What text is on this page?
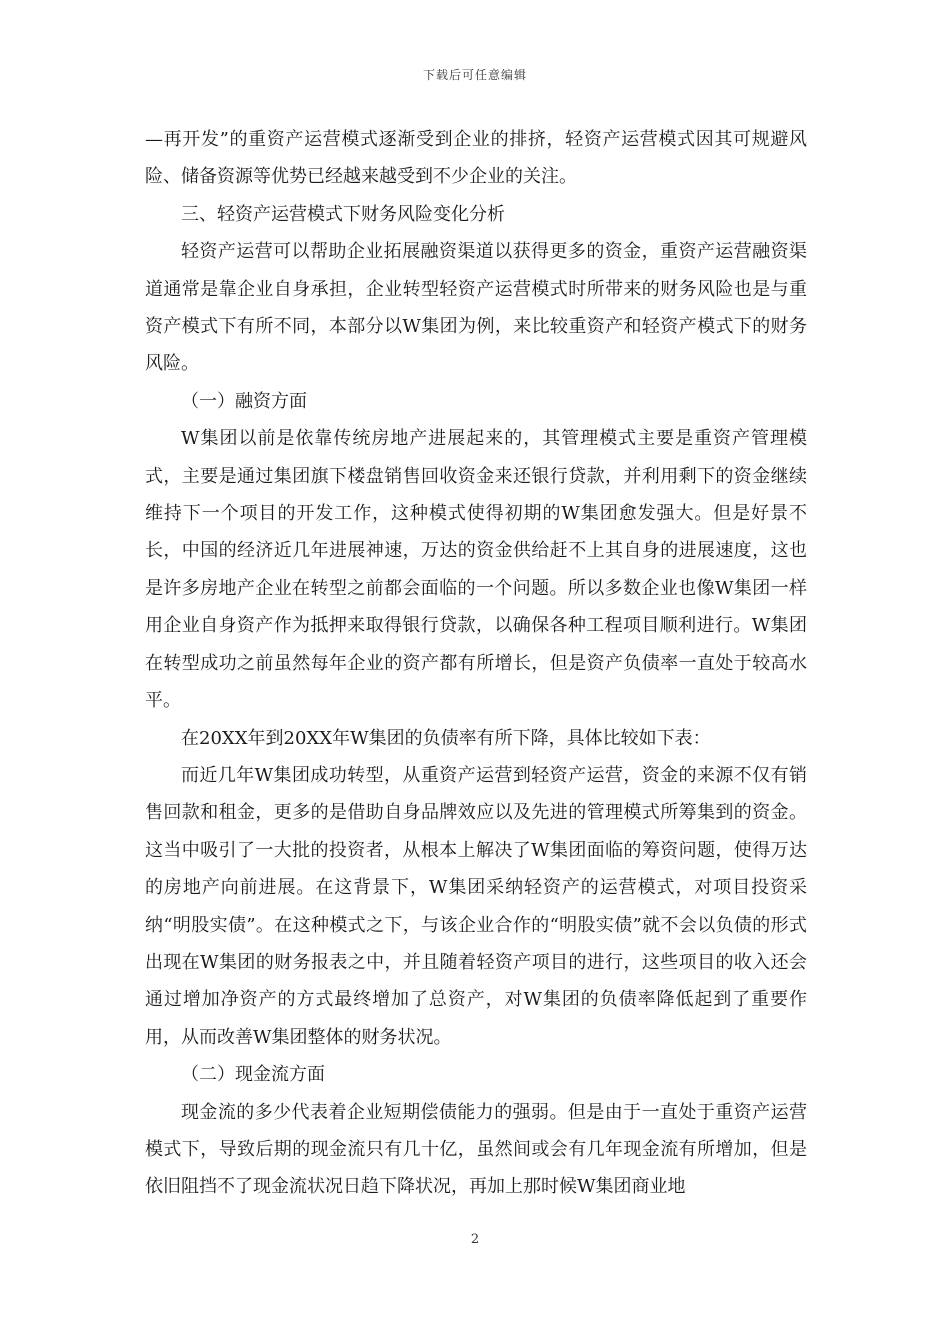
下载后可任意编辑

—再开发”的重资产运营模式逐渐受到企业的排挤，轻资产运营模式因其可规避风险、储备资源等优势已经越来越受到不少企业的关注。

三、轻资产运营模式下财务风险变化分析

轻资产运营可以帮助企业拓展融资渠道以获得更多的资金，重资产运营融资渠道通常是靠企业自身承担，企业转型轻资产运营模式时所带来的财务风险也是与重资产模式下有所不同，本部分以W集团为例，来比较重资产和轻资产模式下的财务风险。

（一）融资方面

W集团以前是依靠传统房地产进展起来的，其管理模式主要是重资产管理模式，主要是通过集团旗下楼盘销售回收资金来还银行贷款，并利用剩下的资金继续维持下一个项目的开发工作，这种模式使得初期的W集团愈发强大。但是好景不长，中国的经济近几年进展神速，万达的资金供给赶不上其自身的进展速度，这也是许多房地产企业在转型之前都会面临的一个问题。所以多数企业也像W集团一样用企业自身资产作为抵押来取得银行贷款，以确保各种工程项目顺利进行。W集团在转型成功之前虽然每年企业的资产都有所增长，但是资产负债率一直处于较高水平。

在20XX年到20XX年W集团的负债率有所下降，具体比较如下表：

而近几年W集团成功转型，从重资产运营到轻资产运营，资金的来源不仅有销售回款和租金，更多的是借助自身品牌效应以及先进的管理模式所筹集到的资金。这当中吸引了一大批的投资者，从根本上解决了W集团面临的筹资问题，使得万达的房地产向前进展。在这背景下，W集团采纳轻资产的运营模式，对项目投资采纳“明股实债”。在这种模式之下，与该企业合作的“明股实债”就不会以负债的形式出现在W集团的财务报表之中，并且随着轻资产项目的进行，这些项目的收入还会通过增加净资产的方式最终增加了总资产，对W集团的负债率降低起到了重要作用，从而改善W集团整体的财务状况。

（二）现金流方面

现金流的多少代表着企业短期偿债能力的强弱。但是由于一直处于重资产运营模式下，导致后期的现金流只有几十亿，虽然间或会有几年现金流有所增加，但是依旧阻挡不了现金流状况日趋下降状况，再加上那时候W集团商业地

2
